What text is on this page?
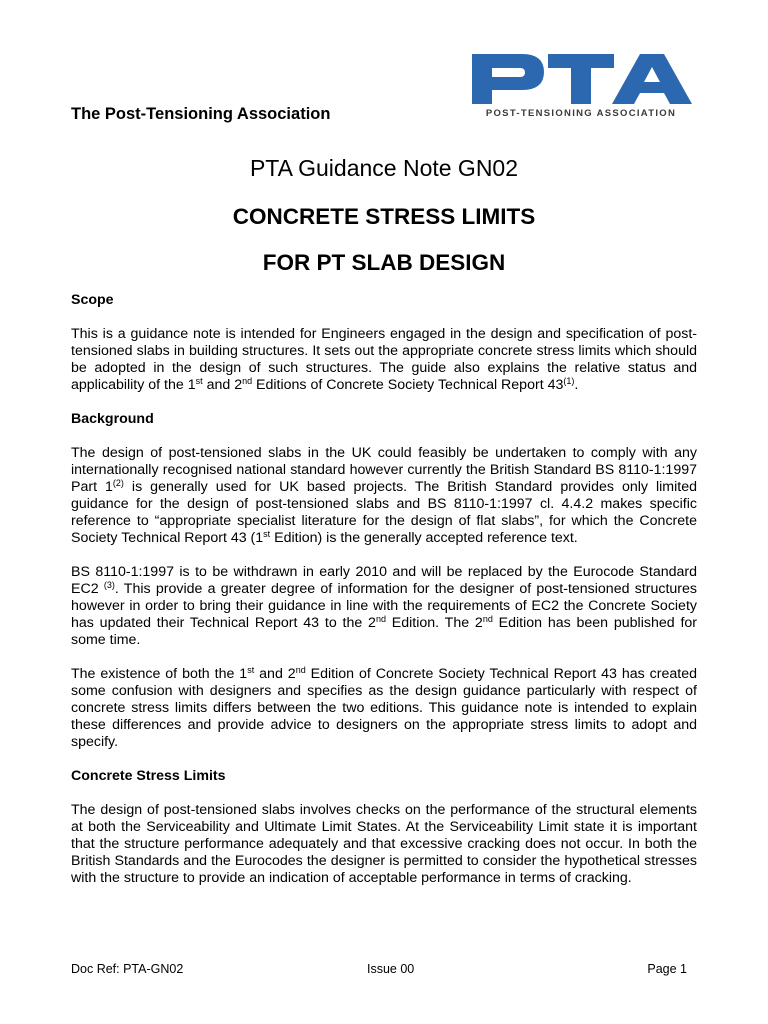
POST-TENSIONING ASSOCIATION
The Post-Tensioning Association
PTA Guidance Note GN02
CONCRETE STRESS LIMITS
FOR PT SLAB DESIGN
Scope

This is a guidance note is intended for Engineers engaged in the design and specification of post-tensioned slabs in building structures. It sets out the appropriate concrete stress limits which should be adopted in the design of such structures. The guide also explains the relative status and applicability of the 1st and 2nd Editions of Concrete Society Technical Report 43$^{(1)}$.

Background

The design of post-tensioned slabs in the UK could feasibly be undertaken to comply with any internationally recognised national standard however currently the British Standard BS 8110-1:1997 Part 1$^{(2)}$ is generally used for UK based projects. The British Standard provides only limited guidance for the design of post-tensioned slabs and BS 8110-1:1997 cl. 4.4.2 makes specific reference to “appropriate specialist literature for the design of flat slabs”, for which the Concrete Society Technical Report 43 (1st Edition) is the generally accepted reference text.

BS 8110-1:1997 is to be withdrawn in early 2010 and will be replaced by the Eurocode Standard EC2 $^{(3)}$. This provide a greater degree of information for the designer of post-tensioned structures however in order to bring their guidance in line with the requirements of EC2 the Concrete Society has updated their Technical Report 43 to the 2nd Edition. The 2nd Edition has been published for some time.

The existence of both the 1st and 2nd Edition of Concrete Society Technical Report 43 has created some confusion with designers and specifies as the design guidance particularly with respect of concrete stress limits differs between the two editions. This guidance note is intended to explain these differences and provide advice to designers on the appropriate stress limits to adopt and specify.

Concrete Stress Limits

The design of post-tensioned slabs involves checks on the performance of the structural elements at both the Serviceability and Ultimate Limit States. At the Serviceability Limit state it is important that the structure performance adequately and that excessive cracking does not occur. In both the British Standards and the Eurocodes the designer is permitted to consider the hypothetical stresses with the structure to provide an indication of acceptable performance in terms of cracking.

Doc Ref: PTA-GN02	Issue 00	Page 1
